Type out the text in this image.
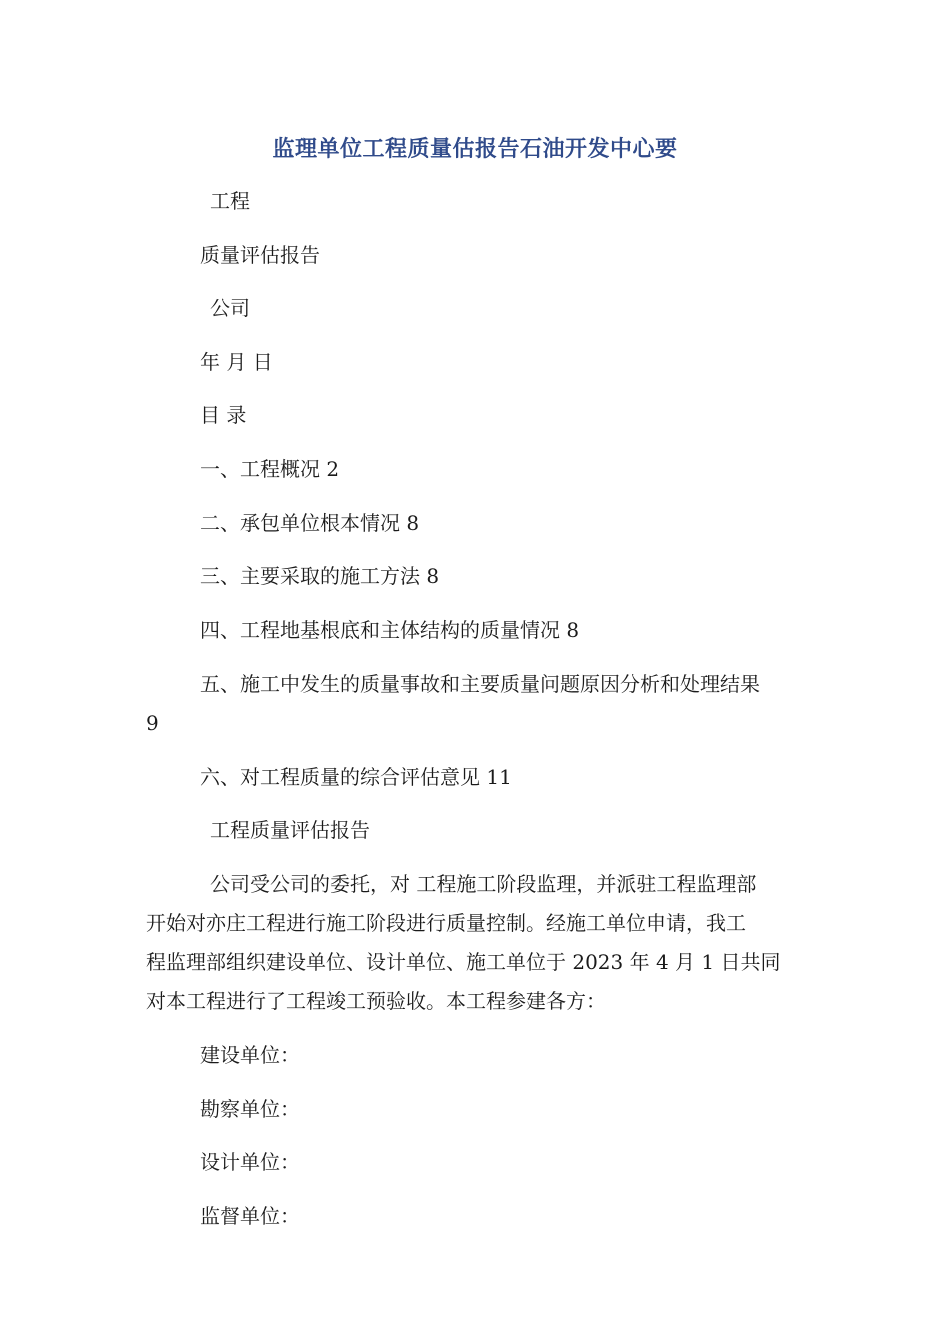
监理单位工程质量估报告石油开发中心要
工程
质量评估报告
公司
年 月 日
目 录
一、工程概况 2
二、承包单位根本情况 8
三、主要采取的施工方法 8
四、工程地基根底和主体结构的质量情况 8
五、施工中发生的质量事故和主要质量问题原因分析和处理结果
9
六、对工程质量的综合评估意见 11
工程质量评估报告
公司受公司的委托，对 工程施工阶段监理，并派驻工程监理部
开始对亦庄工程进行施工阶段进行质量控制。经施工单位申请，我工
程监理部组织建设单位、设计单位、施工单位于 2023 年 4 月 1 日共同
对本工程进行了工程竣工预验收。本工程参建各方：
建设单位：
勘察单位：
设计单位：
监督单位：
